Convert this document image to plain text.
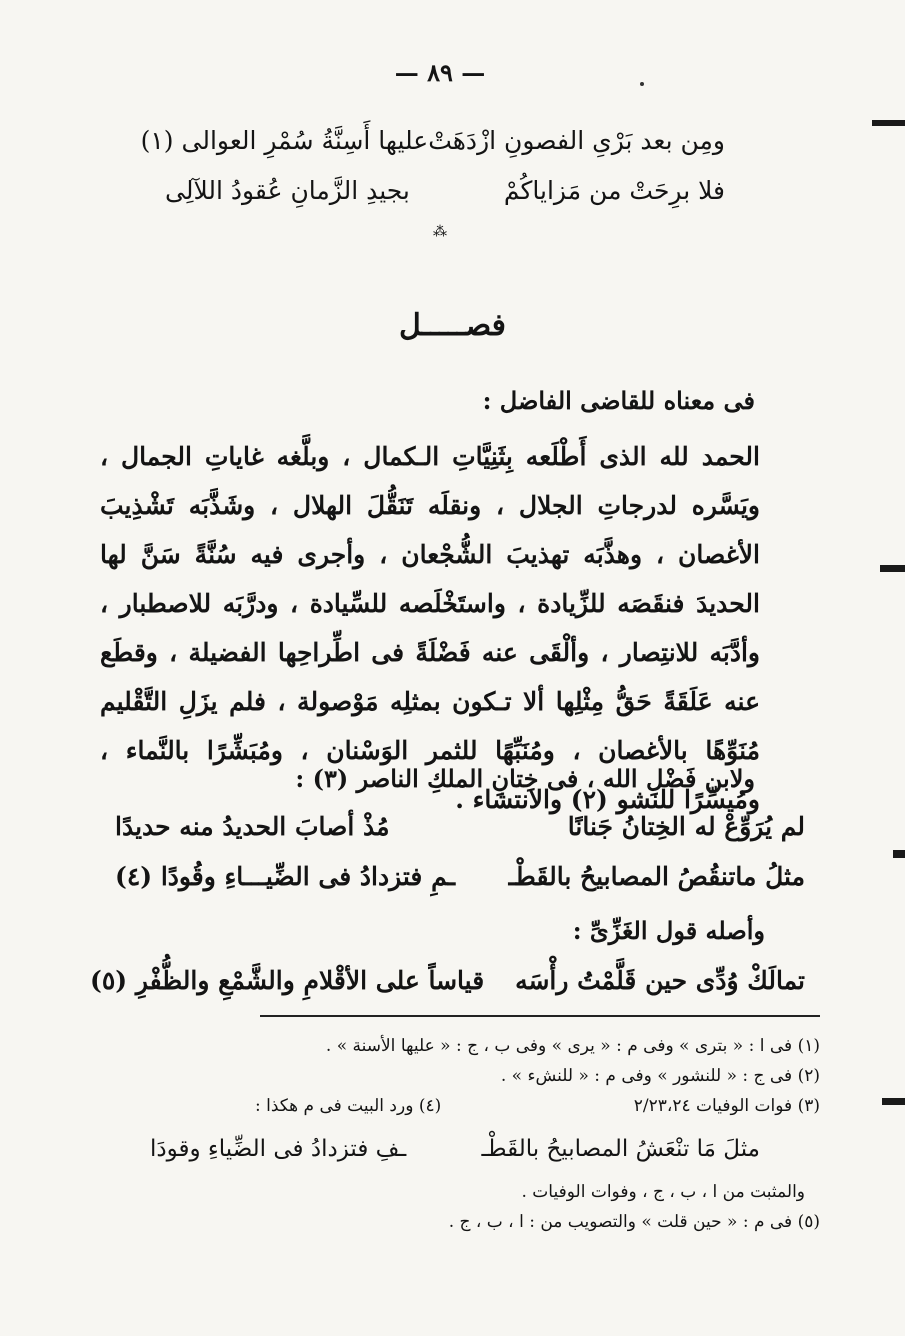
— ٨٩ —
ومِن بعد بَرْىِ الفصونِ ازْدَهَتْ
عليها أَسِنَّةُ سُمْرِ العوالى (١)
فلا برِحَتْ من مَزاياكُمْ
بجيدِ الزَّمانِ عُقودُ اللآلِى
⁂
فصـــــل
فى معناه للقاضى الفاضل :
الحمد لله الذى أَطْلَعه بِثَنِيَّاتِ الـكمال ، وبلَّغه غاياتِ الجمال ، ويَسَّره لدرجاتِ الجلال ، ونقلَه تَنَقُّلَ الهلال ، وشَذَّبَه تَشْذِيبَ الأغصان ، وهذَّبَه تهذيبَ الشُّجْعان ، وأجرى فيه سُنَّةً سَنَّ لها الحديدَ فنقَصَه للزِّيادة ، واستَخْلَصه للسِّيادة ، ودرَّبَه للاصطبار ، وأدَّبَه للانتِصار ، وألْقَى عنه فَضْلَةً فى اطِّراحِها الفضيلة ، وقطَع عنه عَلَقَةً حَقُّ مِثْلِها ألا تـكون بمثلِه مَوْصولة ، فلم يزَلِ التَّقْليم مُنَوِّهًا بالأغصان ، ومُنَبِّهًا للثمر الوَسْنان ، ومُبَشِّرًا بالنَّماء ، ومُيسِّرًا للنشو (٢) والانتشاء .
ولابن فَضْلِ الله ، فى خِتانِ الملكِ الناصر (٣) :
لم يُرَوِّعْ له الخِتانُ جَنانًا
مُذْ أصابَ الحديدُ منه حديدًا
مثلُ ماتنقُصُ المصابيحُ بالقَطْـ
ـمِ فتزدادُ فى الضِّيـــاءِ وقُودًا (٤)
وأصله قول الغَزِّىِّ :
تمالَكْ وُدِّى حين قَلَّمْتُ رأْسَه
قياساً على الأقْلامِ والشَّمْعِ والظُّفْرِ (٥)
(١) فى ا : « بترى » وفى م : « يرى » وفى ب ، ج : « عليها الأسنة » .
(٢) فى ج : « للنشور » وفى م : « للنشء » .
(٣) فوات الوفيات ٢/٢٣،٢٤
(٤) ورد البيت فى م هكذا :
مثلَ مَا تنْعَشُ المصابيحُ بالقَطْـ
ـفِ فتزدادُ فى الضِّياءِ وقودَا
والمثبت من ا ، ب ، ج ، وفوات الوفيات .
(٥) فى م : « حين قلت » والتصويب من : ا ، ب ، ج .
